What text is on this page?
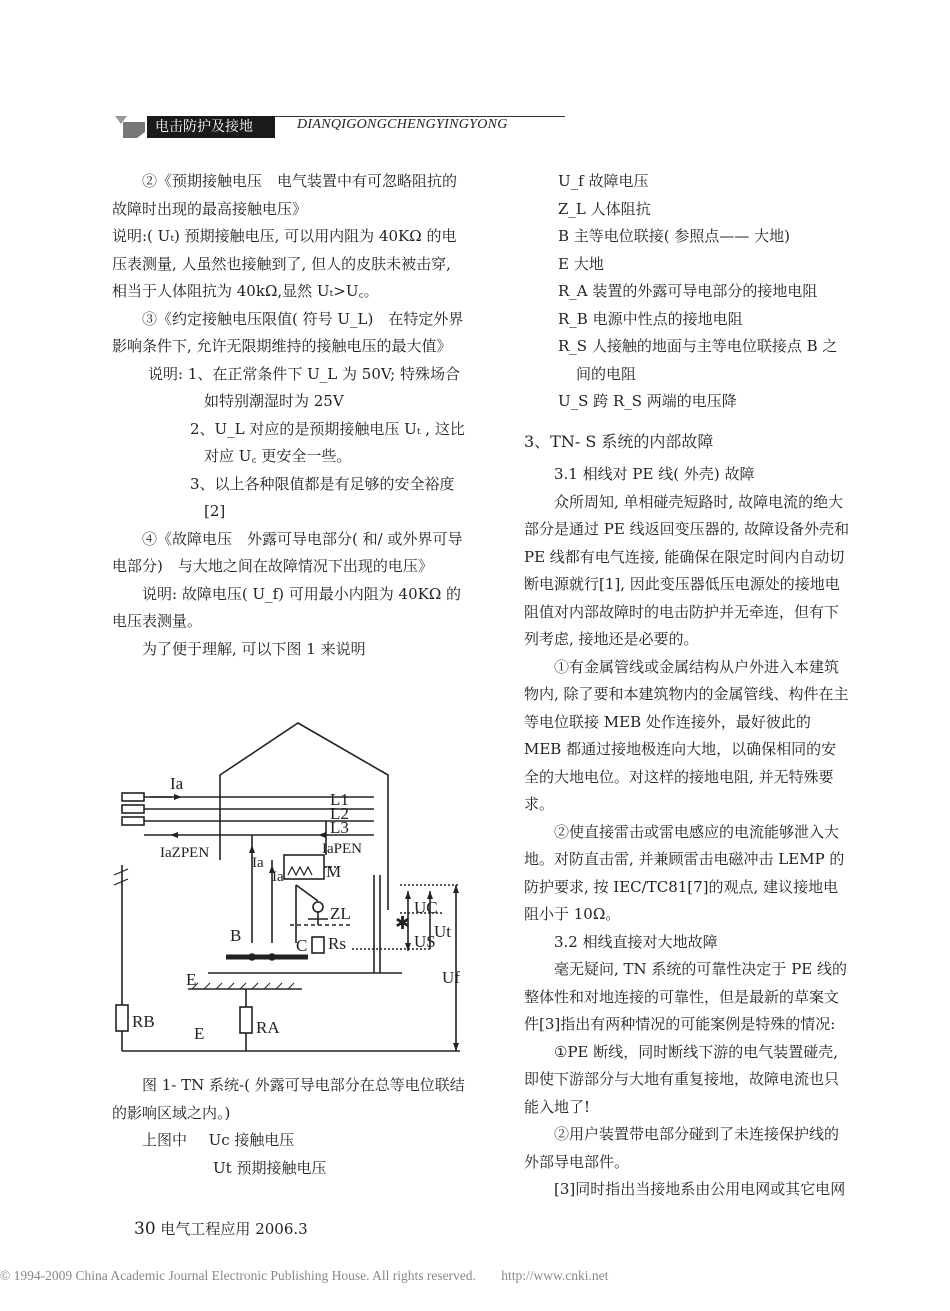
电击防护及接地	DIANQIGONGCHENGYINGYONG

②《预期接触电压　电气装置中有可忽略阻抗的故障时出现的最高接触电压》

说明:( Uₜ) 预期接触电压, 可以用内阻为 40KΩ 的电压表测量, 人虽然也接触到了, 但人的皮肤未被击穿, 相当于人体阻抗为 40kΩ,显然 Uₜ>U꜀。

③《约定接触电压限值( 符号 U_L)　在特定外界影响条件下, 允许无限期维持的接触电压的最大值》

说明: 1、在正常条件下 U_L 为 50V; 特殊场合如特别潮湿时为 25V

2、U_L 对应的是预期接触电压 Uₜ , 这比对应 U꜀ 更安全一些。

3、以上各种限值都是有足够的安全裕度[2]

④《故障电压　外露可导电部分( 和/ 或外界可导电部分)　与大地之间在故障情况下出现的电压》

说明: 故障电压( U_f) 可用最小内阻为 40KΩ 的电压表测量。

为了便于理解, 可以下图 1 来说明

✱
Ia
L1
L2
L3
IaZPEN	IaPEN
Ia
Ia M
ZL
B
C Rs
E
RB
E	RA
UC
Ut
US
Uf

图 1- TN 系统-( 外露可导电部分在总等电位联结的影响区域之内。)

上图中 Uc 接触电压

Ut 预期接触电压

U_f 故障电压

Z_L 人体阻抗

B 主等电位联接( 参照点—— 大地)

E 大地

R_A 装置的外露可导电部分的接地电阻

R_B 电源中性点的接地电阻

R_S 人接触的地面与主等电位联接点 B 之间的电阻

U_S 跨 R_S 两端的电压降

3、TN- S 系统的内部故障

3.1 相线对 PE 线( 外壳) 故障

众所周知, 单相碰壳短路时, 故障电流的绝大部分是通过 PE 线返回变压器的, 故障设备外壳和 PE 线都有电气连接, 能确保在限定时间内自动切断电源就行[1], 因此变压器低压电源处的接地电阻值对内部故障时的电击防护并无牵连，但有下列考虑, 接地还是必要的。

①有金属管线或金属结构从户外进入本建筑物内, 除了要和本建筑物内的金属管线、构件在主等电位联接 MEB 处作连接外，最好彼此的 MEB 都通过接地极连向大地，以确保相同的安全的大地电位。对这样的接地电阻, 并无特殊要求。

②使直接雷击或雷电感应的电流能够泄入大地。对防直击雷, 并兼顾雷击电磁冲击 LEMP 的防护要求, 按 IEC/TC81[7]的观点, 建议接地电阻小于 10Ω。

3.2 相线直接对大地故障

毫无疑问, TN 系统的可靠性决定于 PE 线的整体性和对地连接的可靠性，但是最新的草案文件[3]指出有两种情况的可能案例是特殊的情况:

①PE 断线，同时断线下游的电气装置碰壳, 即使下游部分与大地有重复接地，故障电流也只能入地了!

②用户装置带电部分碰到了未连接保护线的外部导电部件。

[3]同时指出当接地系由公用电网或其它电网

30 电气工程应用 2006.3
© 1994-2009 China Academic Journal Electronic Publishing House. All rights reserved. http://www.cnki.net
